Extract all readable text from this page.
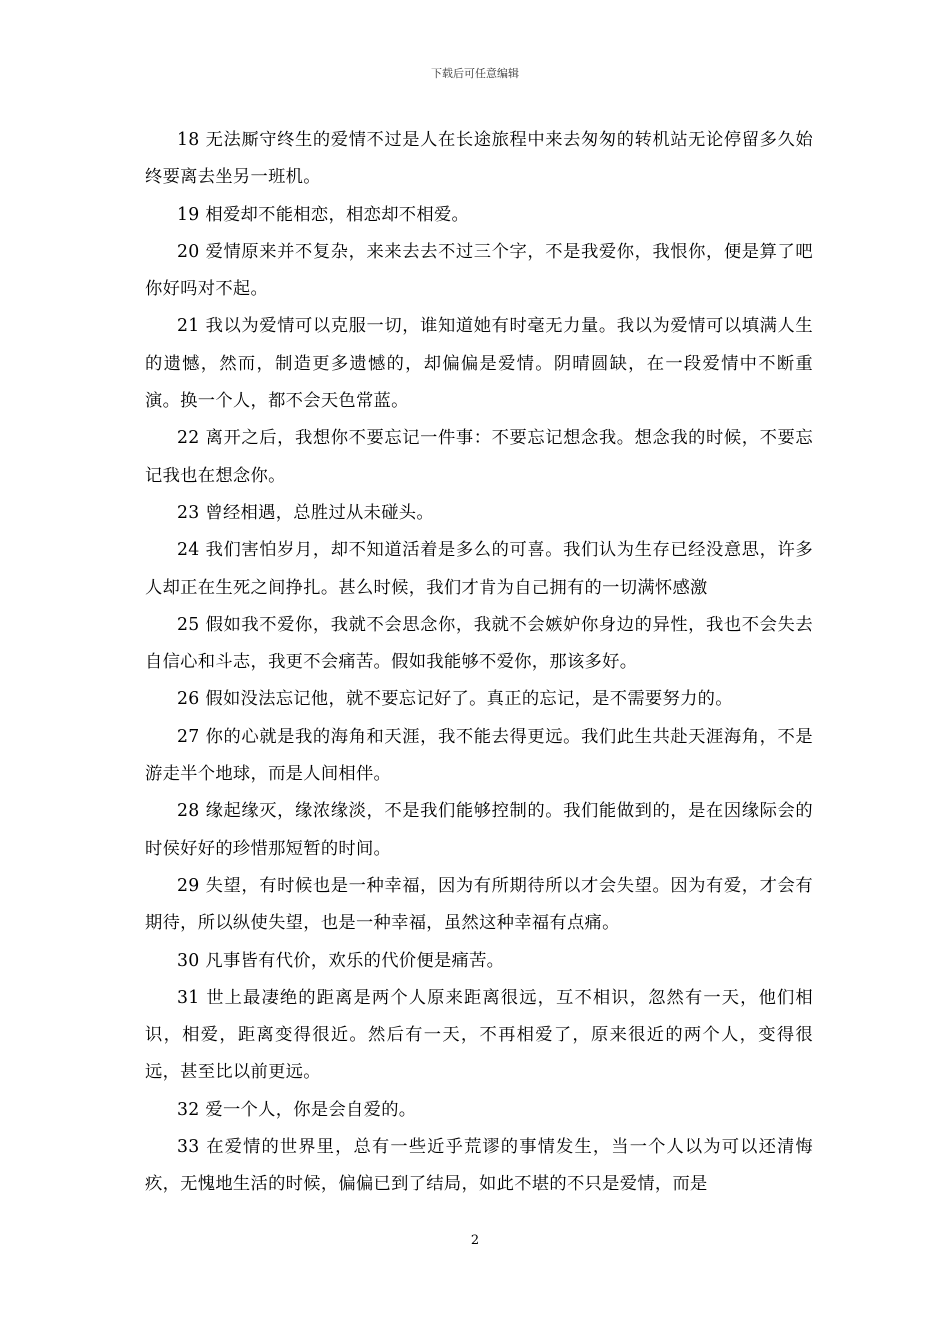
下载后可任意编辑

18 无法厮守终生的爱情不过是人在长途旅程中来去匆匆的转机站无论停留多久始终要离去坐另一班机。

19 相爱却不能相恋，相恋却不相爱。

20 爱情原来并不复杂，来来去去不过三个字，不是我爱你，我恨你，便是算了吧你好吗对不起。

21 我以为爱情可以克服一切，谁知道她有时毫无力量。我以为爱情可以填满人生的遗憾，然而，制造更多遗憾的，却偏偏是爱情。阴晴圆缺，在一段爱情中不断重演。换一个人，都不会天色常蓝。

22 离开之后，我想你不要忘记一件事：不要忘记想念我。想念我的时候，不要忘记我也在想念你。

23 曾经相遇，总胜过从未碰头。

24 我们害怕岁月，却不知道活着是多么的可喜。我们认为生存已经没意思，许多人却正在生死之间挣扎。甚么时候，我们才肯为自己拥有的一切满怀感激

25 假如我不爱你，我就不会思念你，我就不会嫉妒你身边的异性，我也不会失去自信心和斗志，我更不会痛苦。假如我能够不爱你，那该多好。

26 假如没法忘记他，就不要忘记好了。真正的忘记，是不需要努力的。

27 你的心就是我的海角和天涯，我不能去得更远。我们此生共赴天涯海角，不是游走半个地球，而是人间相伴。

28 缘起缘灭，缘浓缘淡，不是我们能够控制的。我们能做到的，是在因缘际会的时侯好好的珍惜那短暂的时间。

29 失望，有时候也是一种幸福，因为有所期待所以才会失望。因为有爱，才会有期待，所以纵使失望，也是一种幸福，虽然这种幸福有点痛。

30 凡事皆有代价，欢乐的代价便是痛苦。

31 世上最凄绝的距离是两个人原来距离很远，互不相识，忽然有一天，他们相识，相爱，距离变得很近。然后有一天，不再相爱了，原来很近的两个人，变得很远，甚至比以前更远。

32 爱一个人，你是会自爱的。

33 在爱情的世界里，总有一些近乎荒谬的事情发生，当一个人以为可以还清悔疚，无愧地生活的时候，偏偏已到了结局，如此不堪的不只是爱情，而是

2
